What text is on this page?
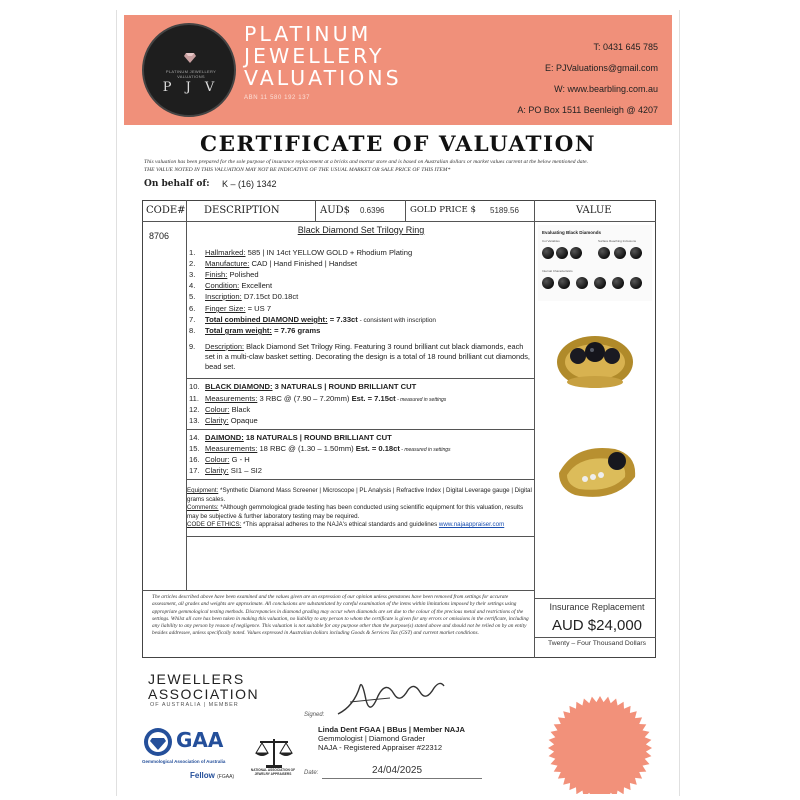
PLATINUM JEWELLERY VALUATIONS
P J V
PLATINUM
JEWELLERY
VALUATIONS
ABN 11 580 192 137
T: 0431 645 785
E: PJValuations@gmail.com
W: www.bearbling.com.au
A: PO Box 1511 Beenleigh @ 4207
CERTIFICATE OF VALUATION
This valuation has been prepared for the sole purpose of insurance replacement at a bricks and mortar store and is based on Australian dollars or market values current at the below mentioned date.
THE VALUE NOTED IN THIS VALUATION MAY NOT BE INDICATIVE OF THE USUAL MARKET OR SALE PRICE OF THIS ITEM*
On behalf of: K – (16) 1342
CODE# DESCRIPTION	AUD$ 0.6396	GOLD PRICE $ 5189.56	VALUE
8706
Black Diamond Set Trilogy Ring
1. Hallmarked: 585 | IN 14ct YELLOW GOLD + Rhodium Plating
2. Manufacture: CAD | Hand Finished | Handset
3. Finish: Polished
4. Condition: Excellent
5. Inscription: D7.15ct D0.18ct
6. Finger Size: = US 7
7. Total combined DIAMOND weight: = 7.33ct - consistent with inscription
8. Total gram weight: = 7.76 grams
9. Description: Black Diamond Set Trilogy Ring. Featuring 3 round brilliant cut black diamonds, each set in a multi-claw basket setting. Decorating the design is a total of 18 round brilliant cut diamonds, bead set.
10. BLACK DIAMOND: 3 NATURALS | ROUND BRILLIANT CUT
11. Measurements: 3 RBC @ (7.90 – 7.20mm) Est. = 7.15ct - measured in settings
12. Colour: Black
13. Clarity: Opaque
14. DAIMOND: 18 NATURALS | ROUND BRILLIANT CUT
15. Measurements: 18 RBC @ (1.30 – 1.50mm) Est. = 0.18ct - measured in settings
16. Colour: G - H
17. Clarity: SI1 – SI2
Equipment: *Synthetic Diamond Mass Screener | Microscope | PL Analysis | Refractive Index | Digital Leverage gauge | Digital grams scales.
Comments: *Although gemmological grade testing has been conducted using scientific equipment for this valuation, results may be subjective & further laboratory testing may be required.
CODE OF ETHICS: *This appraisal adheres to the NAJA's ethical standards and guidelines www.najaappraiser.com
Evaluating Black Diamonds
Cut Variables	Surface Reaching Inclusions
Internal Characteristics
The articles described above have been examined and the values given are an expression of our opinion unless gemstones have been removed from settings for accurate assessment, all grades and weights are approximate. All conclusions are substantiated by careful examination of the items within limitations imposed by their settings using appropriate gemmological testing methods. Discrepancies in diamond grading may occur when diamonds are set due to the colour of the precious metal and restrictions of the settings. Whilst all care has been taken in making this valuation, no liability to any person to whom the certificate is given for any errors or omissions in the certificate, including any liability to any person by reason of negligence. This valuation is not suitable for any purpose other than the purpose(s) stated above and should not be relied on by an entity besides addressee, unless specifically noted. Values expressed in Australian dollars including Goods & Services Tax (GST) and current market conditions.
Insurance Replacement
AUD $24,000
Twenty – Four Thousand Dollars
JEWELLERS
ASSOCIATION
OF AUSTRALIA | MEMBER
GAA
Gemmological Association of Australia
Fellow (FGAA)
NATIONAL ASSOCIATION OF JEWELRY APPRAISERS
Signed:
Linda Dent FGAA | BBus | Member NAJA
Gemmologist | Diamond Grader
NAJA - Registered Appraiser #22312
Date:	24/04/2025
